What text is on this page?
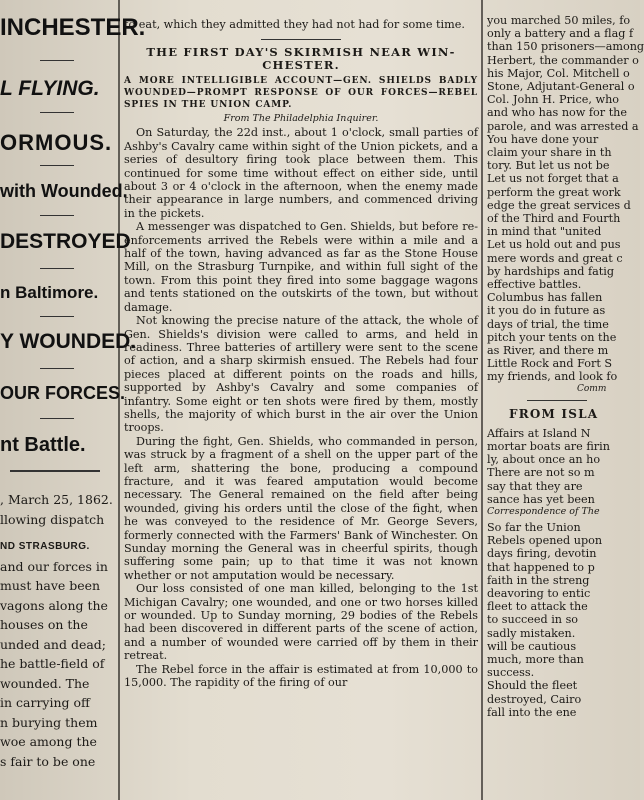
INCHESTER.
L FLYING.
ORMOUS.
with Wounded.
DESTROYED
n Baltimore.
Y WOUNDED.
OUR FORCES.
nt Battle.
, March 25, 1862.
llowing dispatch
ND STRASBURG.
and our forces in
must have been
vagons along the
houses on the
unded and dead;
he battle-field of
wounded. The
in carrying off
n burying them
woe among the
s fair to be one

to eat, which they admitted they had not had for some time.

THE FIRST DAY'S SKIRMISH NEAR WIN-CHESTER.
A MORE INTELLIGIBLE ACCOUNT—GEN. SHIELDS BADLY WOUNDED—PROMPT RESPONSE OF OUR FORCES—REBEL SPIES IN THE UNION CAMP.
From The Philadelphia Inquirer.

On Saturday, the 22d inst., about 1 o'clock, small parties of Ashby's Cavalry came within sight of the Union pickets, and a series of desultory firing took place between them. This continued for some time without effect on either side, until about 3 or 4 o'clock in the afternoon, when the enemy made their appearance in large numbers, and commenced driving in the pickets.

A messenger was dispatched to Gen. Shields, but before re-enforcements arrived the Rebels were within a mile and a half of the town, having advanced as far as the Stone House Mill, on the Strasburg Turnpike, and within full sight of the town. From this point they fired into some baggage wagons and tents stationed on the outskirts of the town, but without damage.

Not knowing the precise nature of the attack, the whole of Gen. Shields's division were called to arms, and held in readiness. Three batteries of artillery were sent to the scene of action, and a sharp skirmish ensued. The Rebels had four pieces placed at different points on the roads and hills, supported by Ashby's Cavalry and some companies of infantry. Some eight or ten shots were fired by them, mostly shells, the majority of which burst in the air over the Union troops.

During the fight, Gen. Shields, who commanded in person, was struck by a fragment of a shell on the upper part of the left arm, shattering the bone, producing a compound fracture, and it was feared amputation would become necessary. The General remained on the field after being wounded, giving his orders until the close of the fight, when he was conveyed to the residence of Mr. George Severs, formerly connected with the Farmers' Bank of Winchester. On Sunday morning the General was in cheerful spirits, though suffering some pain; up to that time it was not known whether or not amputation would be necessary.

Our loss consisted of one man killed, belonging to the 1st Michigan Cavalry; one wounded, and one or two horses killed or wounded. Up to Sunday morning, 29 bodies of the Rebels had been discovered in different parts of the scene of action, and a number of wounded were carried off by them in their retreat.

The Rebel force in the affair is estimated at from 10,000 to 15,000. The rapidity of the firing of our

you marched 50 miles, fo
only a battery and a flag f
than 150 prisoners—among
Herbert, the commander o
his Major, Col. Mitchell o
Stone, Adjutant-General o
Col. John H. Price, who
and who has now for the
parole, and was arrested a
You have done your
claim your share in th
tory. But let us not be
Let us not forget that a
perform the great work
edge the great services d
of the Third and Fourth
in mind that "united
Let us hold out and pus
mere words and great c
by hardships and fatig
effective battles.
Columbus has fallen
it you do in future as
days of trial, the time
pitch your tents on the
as River, and there m
Little Rock and Fort S
my friends, and look fo
Comm
FROM ISLA
Affairs at Island N
mortar boats are firin
ly, about once an ho
There are not so m
say that they are
sance has yet been
Correspondence of The
So far the Union
Rebels opened upon
days firing, devotin
that happened to p
faith in the streng
deavoring to entic
fleet to attack the
to succeed in so
sadly mistaken.
will be cautious
much, more than
success.
Should the fleet
destroyed, Cairo
fall into the ene
